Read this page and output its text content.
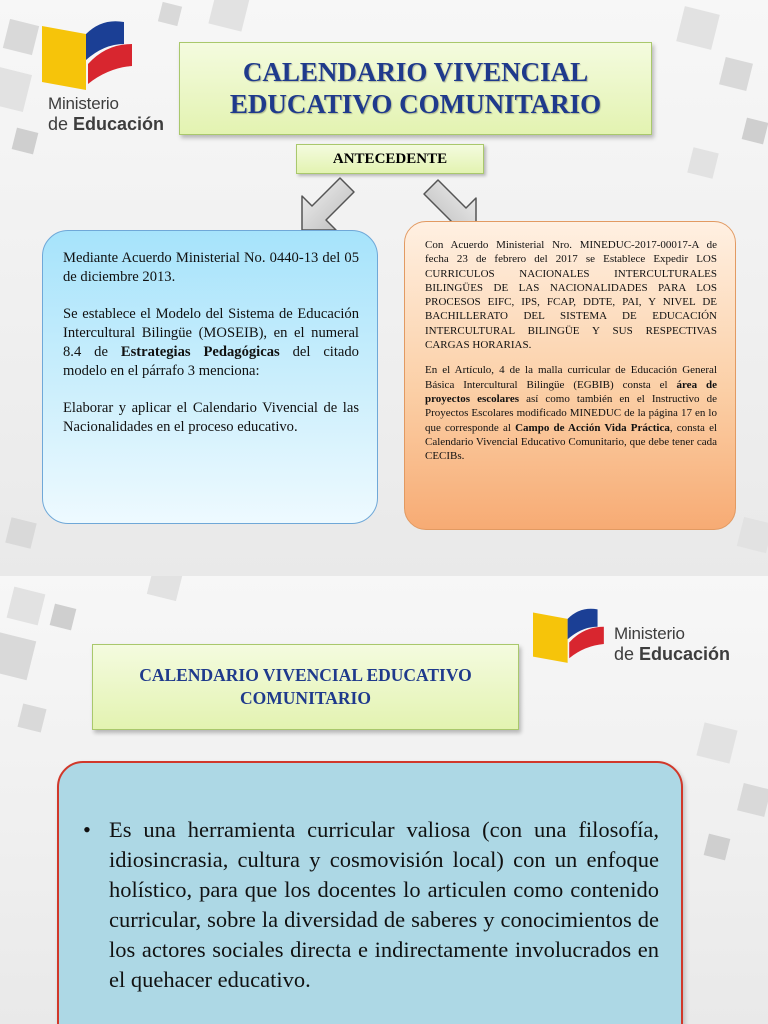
Ministerio
de Educación
CALENDARIO VIVENCIAL
EDUCATIVO COMUNITARIO
ANTECEDENTE

Mediante Acuerdo Ministerial No. 0440-13 del 05 de diciembre 2013.

Se establece el Modelo del Sistema de Educación Intercultural Bilingüe (MOSEIB), en el numeral 8.4 de Estrategias Pedagógicas del citado modelo en el párrafo 3 menciona:

Elaborar y aplicar el Calendario Vivencial de las Nacionalidades en el proceso educativo.

Con Acuerdo Ministerial Nro. MINEDUC-2017-00017-A de fecha 23 de febrero del 2017 se Establece Expedir LOS CURRICULOS NACIONALES INTERCULTURALES BILINGÜES DE LAS NACIONALIDADES PARA LOS PROCESOS EIFC, IPS, FCAP, DDTE, PAI, Y NIVEL DE BACHILLERATO DEL SISTEMA DE EDUCACIÓN INTERCULTURAL BILINGÜE Y SUS RESPECTIVAS CARGAS HORARIAS.

En el Artículo, 4 de la malla curricular de Educación General Básica Intercultural Bilingüe (EGBIB) consta el área de proyectos escolares así como también en el Instructivo de Proyectos Escolares modificado MINEDUC de la página 17 en lo que corresponde al Campo de Acción Vida Práctica, consta el Calendario Vivencial Educativo Comunitario, que debe tener cada CECIBs.

Ministerio
de Educación
CALENDARIO VIVENCIAL EDUCATIVO
COMUNITARIO
• Es una herramienta curricular valiosa (con una filosofía, idiosincrasia, cultura y cosmovisión local) con un enfoque holístico, para que los docentes lo articulen como contenido curricular, sobre la diversidad de saberes y conocimientos de los actores sociales directa e indirectamente involucrados en el quehacer educativo.
